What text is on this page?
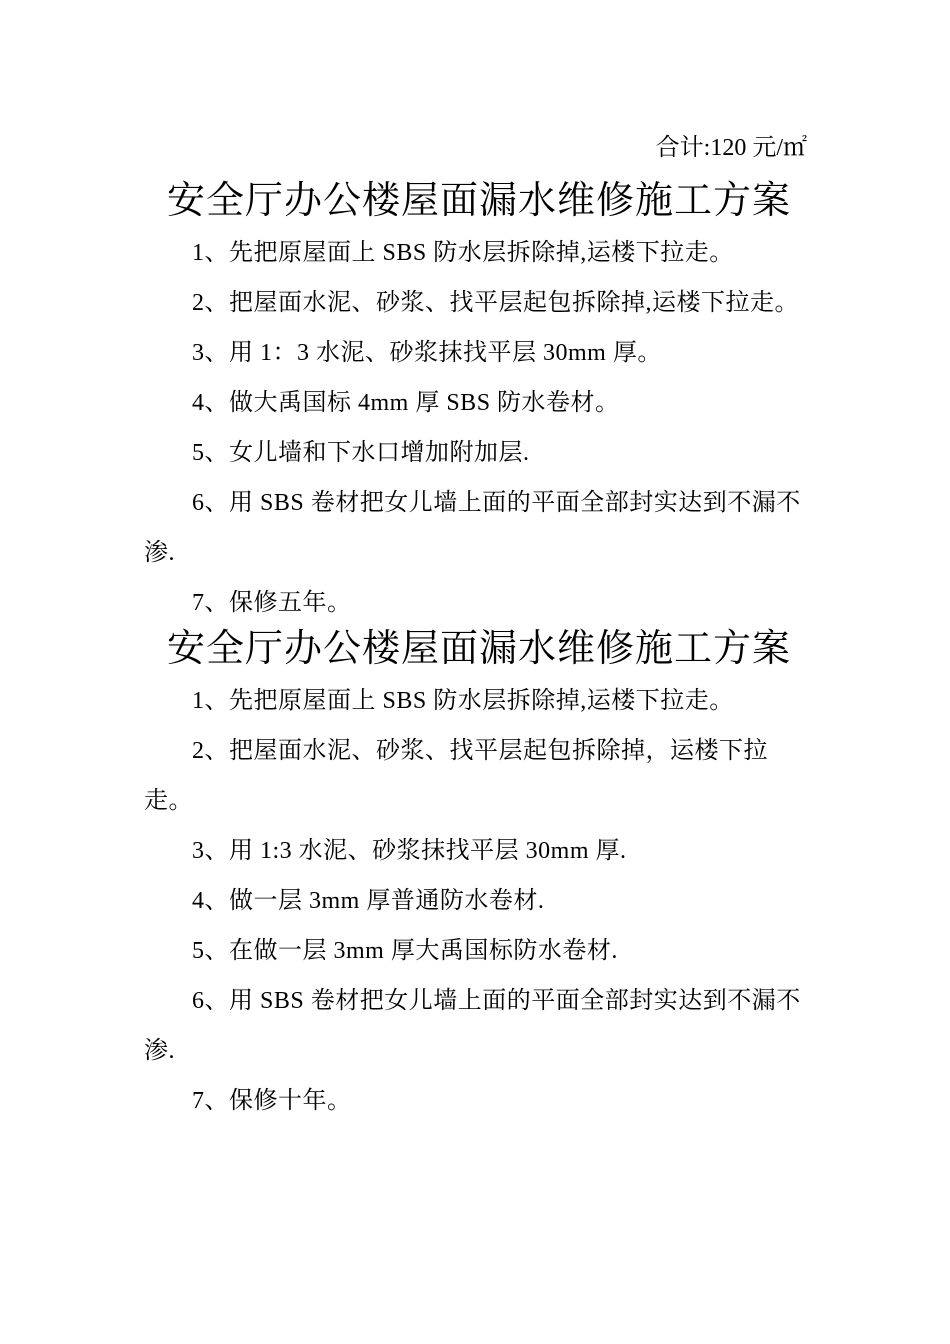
合计:120 元/㎡
安全厅办公楼屋面漏水维修施工方案
1、先把原屋面上 SBS 防水层拆除掉,运楼下拉走。
2、把屋面水泥、砂浆、找平层起包拆除掉,运楼下拉走。
3、用 1：3 水泥、砂浆抹找平层 30mm 厚。
4、做大禹国标 4mm 厚 SBS 防水卷材。
5、女儿墙和下水口增加附加层.
6、用 SBS 卷材把女儿墙上面的平面全部封实达到不漏不渗.
7、保修五年。
安全厅办公楼屋面漏水维修施工方案
1、先把原屋面上 SBS 防水层拆除掉,运楼下拉走。
2、把屋面水泥、砂浆、找平层起包拆除掉，运楼下拉走。
3、用 1:3 水泥、砂浆抹找平层 30mm 厚.
4、做一层 3mm 厚普通防水卷材.
5、在做一层 3mm 厚大禹国标防水卷材.
6、用 SBS 卷材把女儿墙上面的平面全部封实达到不漏不渗.
7、保修十年。
